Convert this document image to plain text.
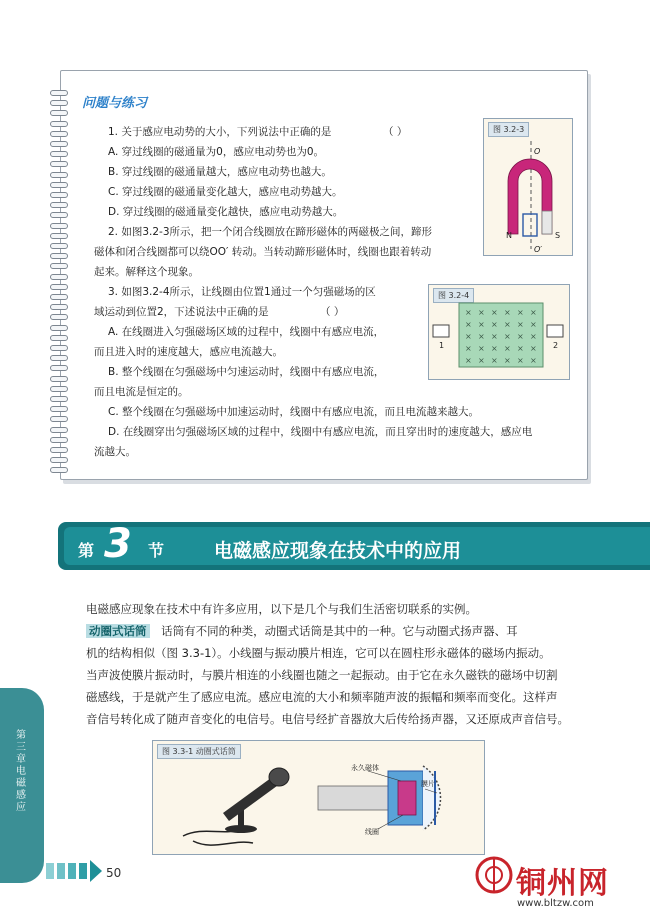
问题与练习
1. 关于感应电动势的大小，下列说法中正确的是	（ ）
A. 穿过线圈的磁通量为0，感应电动势也为0。
B. 穿过线圈的磁通量越大，感应电动势也越大。
C. 穿过线圈的磁通量变化越大，感应电动势越大。
D. 穿过线圈的磁通量变化越快，感应电动势越大。
2. 如图3.2-3所示，把一个闭合线圈放在蹄形磁体的两磁极之间，蹄形
磁体和闭合线圈都可以绕OO′ 转动。当转动蹄形磁体时，线圈也跟着转动
起来。解释这个现象。
3. 如图3.2-4所示，让线圈由位置1通过一个匀强磁场的区
域运动到位置2，下述说法中正确的是	（ ）
A. 在线圈进入匀强磁场区域的过程中，线圈中有感应电流，
而且进入时的速度越大，感应电流越大。
B. 整个线圈在匀强磁场中匀速运动时，线圈中有感应电流，
而且电流是恒定的。
C. 整个线圈在匀强磁场中加速运动时，线圈中有感应电流，而且电流越来越大。
D. 在线圈穿出匀强磁场区域的过程中，线圈中有感应电流，而且穿出时的速度越大，感应电
流越大。
图 3.2-3
O
O′
N	S
图 3.2-4
× × × × × ×
× × × × × ×
× × × × × ×
× × × × × ×
× × × × × ×
1	2
第 3 节	电磁感应现象在技术中的应用
电磁感应现象在技术中有许多应用，以下是几个与我们生活密切联系的实例。
动圈式话筒 话筒有不同的种类，动圈式话筒是其中的一种。它与动圈式扬声器、耳
机的结构相似（图 3.3-1）。小线圈与振动膜片相连，它可以在圆柱形永磁体的磁场内振动。
当声波使膜片振动时，与膜片相连的小线圈也随之一起振动。由于它在永久磁铁的磁场中切割
磁感线，于是就产生了感应电流。感应电流的大小和频率随声波的振幅和频率而变化。这样声
音信号转化成了随声音变化的电信号。电信号经扩音器放大后传给扬声器，又还原成声音信号。
第三章 电磁感应
图 3.3-1 动圈式话筒
永久磁体
膜片
线圈
50	铜州网
www.bltzw.com
